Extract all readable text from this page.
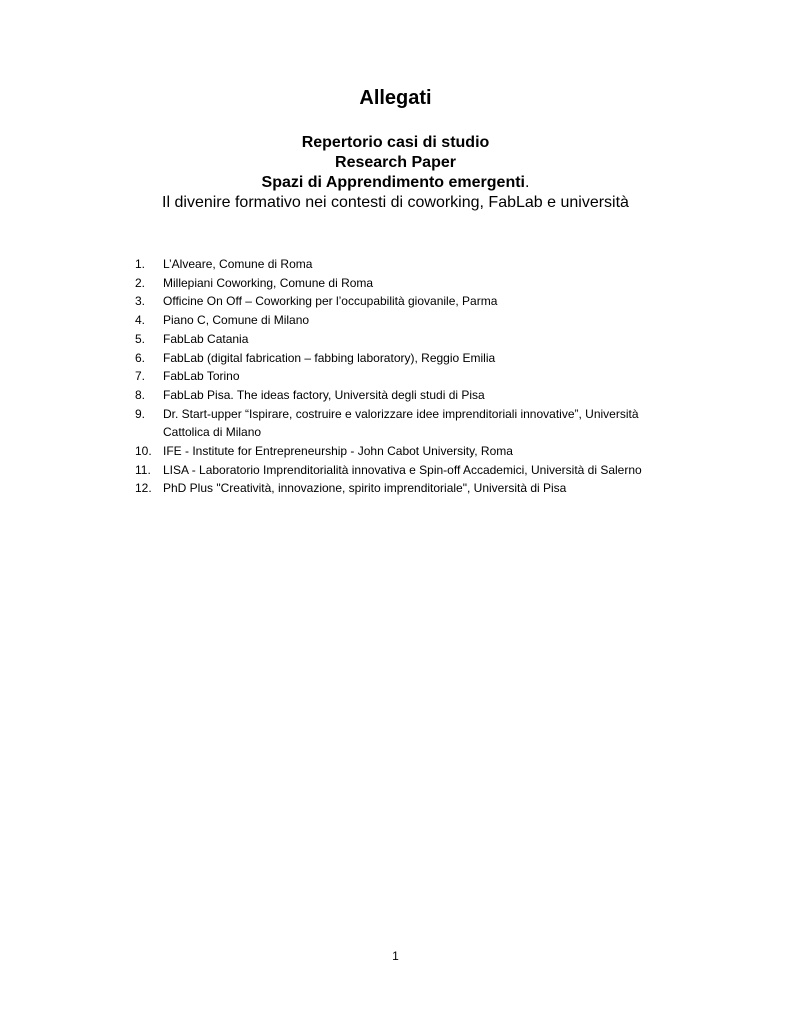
Allegati
Repertorio casi di studio
Research Paper
Spazi di Apprendimento emergenti.
Il divenire formativo nei contesti di coworking, FabLab e università
1.	L’Alveare, Comune di Roma
2.	Millepiani Coworking, Comune di Roma
3.	Officine On Off – Coworking per l’occupabilità giovanile, Parma
4.	Piano C, Comune di Milano
5.	FabLab Catania
6.	FabLab (digital fabrication – fabbing laboratory), Reggio Emilia
7.	FabLab Torino
8.	FabLab Pisa. The ideas factory, Università degli studi di Pisa
9.	Dr. Start-upper “Ispirare, costruire e valorizzare idee imprenditoriali innovative”, Università Cattolica di Milano
10. IFE - Institute for Entrepreneurship - John Cabot University, Roma
11.	LISA - Laboratorio Imprenditorialità innovativa e Spin-off Accademici, Università di Salerno
12. PhD Plus "Creatività, innovazione, spirito imprenditoriale", Università di Pisa
1
